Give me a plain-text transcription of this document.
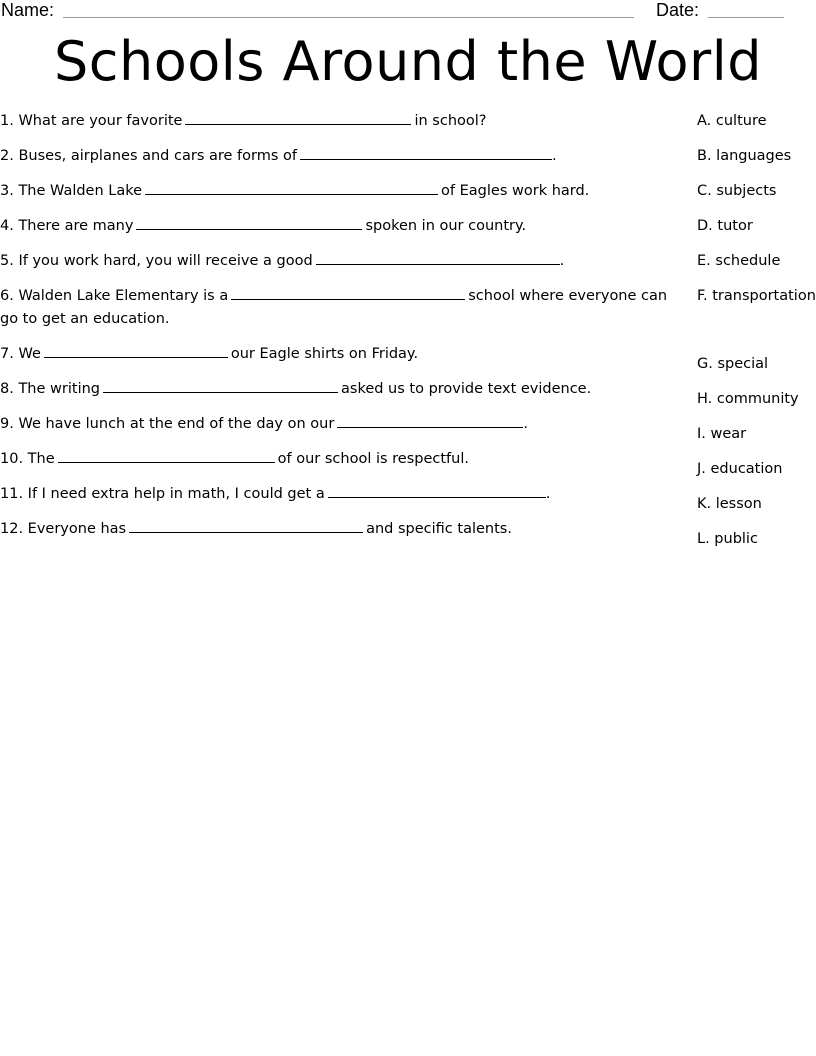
Name:	Date:
Schools Around the World

1. What are your favorite	in school?

2. Buses, airplanes and cars are forms of	.

3. The Walden Lake	of Eagles work hard.

4. There are many	spoken in our country.

5. If you work hard, you will receive a good	.

6. Walden Lake Elementary is a	school where everyone can go to get an education.

7. We	our Eagle shirts on Friday.

8. The writing	asked us to provide text evidence.

9. We have lunch at the end of the day on our	.

10. The	of our school is respectful.

11. If I need extra help in math, I could get a	.

12. Everyone has	and specific talents.

A. culture

B. languages

C. subjects

D. tutor

E. schedule

F. transportation

G. special

H. community

I. wear

J. education

K. lesson

L. public
